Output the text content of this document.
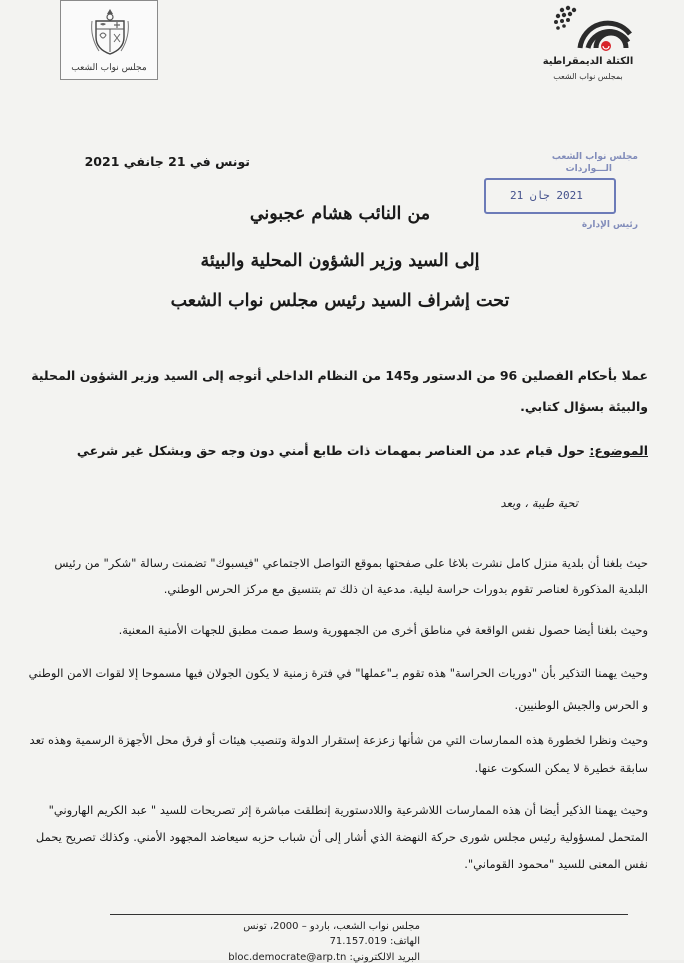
مجلس نواب الشعب
الكتلة الديمقراطية
بمجلس نواب الشعب
تونس في 21 جانفي 2021	مجلس نواب الشعب
الـــواردات
2021 جان 21
رئيس الإدارة
من النائب هشام عجبوني
إلى السيد وزير الشؤون المحلية والبيئة
تحت إشراف السيد رئيس مجلس نواب الشعب
عملا بأحكام الفصلين 96 من الدستور و145 من النظام الداخلي أتوجه إلى السيد وزير الشؤون المحلية والبيئة بسؤال كتابي.
الموضوع: حول قيام عدد من العناصر بمهمات ذات طابع أمني دون وجه حق وبشكل غير شرعي
تحية طيبة ، وبعد
حيث بلغنا أن بلدية منزل كامل نشرت بلاغا على صفحتها بموقع التواصل الاجتماعي "فيسبوك" تضمنت رسالة "شكر" من رئيس البلدية المذكورة لعناصر تقوم بدورات حراسة ليلية. مدعية ان ذلك تم بتنسيق مع مركز الحرس الوطني.
وحيث بلغنا أيضا حصول نفس الواقعة في مناطق أخرى من الجمهورية وسط صمت مطبق للجهات الأمنية المعنية.
وحيث يهمنا التذكير بأن "دوريات الحراسة" هذه تقوم بـ"عملها" في فترة زمنية لا يكون الجولان فيها مسموحا إلا لقوات الامن الوطني و الحرس والجيش الوطنيين.
وحيث ونظرا لخطورة هذه الممارسات التي من شأنها زعزعة إستقرار الدولة وتنصيب هيئات أو فرق محل الأجهزة الرسمية وهذه تعد سابقة خطيرة لا يمكن السكوت عنها.
وحيث يهمنا الذكير أيضا أن هذه الممارسات اللاشرعية واللادستورية إنطلقت مباشرة إثر تصريحات للسيد " عبد الكريم الهاروني" المتحمل لمسؤولية رئيس مجلس شورى حركة النهضة الذي أشار إلى أن شباب حزبه سيعاضد المجهود الأمني. وكذلك تصريح يحمل نفس المعنى للسيد "محمود القوماني".
مجلس نواب الشعب، باردو – 2000، تونس
الهاتف: 71.157.019
البريد الالكتروني: bloc.democrate@arp.tn
